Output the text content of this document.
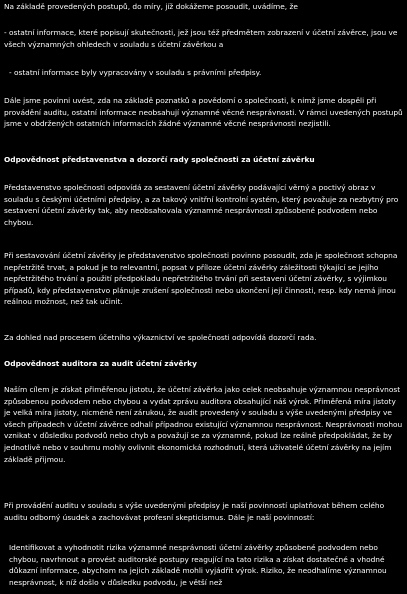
Na základě provedených postupů, do míry, jíž dokážeme posoudit, uvádíme, že

- ostatní informace, které popisují skutečnosti, jež jsou též předmětem zobrazení v účetní závěrce, jsou ve všech významných ohledech v souladu s účetní závěrkou a

- ostatní informace byly vypracovány v souladu s právními předpisy.

Dále jsme povinni uvést, zda na základě poznatků a povědomí o společnosti, k nimž jsme dospěli při provádění auditu, ostatní informace neobsahují významné věcné nesprávnosti. V rámci uvedených postupů jsme v obdržených ostatních informacích žádné významné věcné nesprávnosti nezjistili.

Odpovědnost představenstva a dozorčí rady společnosti za účetní závěrku

Představenstvo společnosti odpovídá za sestavení účetní závěrky podávající věrný a poctivý obraz v souladu s českými účetními předpisy, a za takový vnitřní kontrolní systém, který považuje za nezbytný pro sestavení účetní závěrky tak, aby neobsahovala významné nesprávnosti způsobené podvodem nebo chybou.

Při sestavování účetní závěrky je představenstvo společnosti povinno posoudit, zda je společnost schopna nepřetržitě trvat, a pokud je to relevantní, popsat v příloze účetní závěrky záležitosti týkající se jejího nepřetržitého trvání a použití předpokladu nepřetržitého trvání při sestavení účetní závěrky, s výjimkou případů, kdy představenstvo plánuje zrušení společnosti nebo ukončení její činnosti, resp. kdy nemá jinou reálnou možnost, než tak učinit.

Za dohled nad procesem účetního výkaznictví ve společnosti odpovídá dozorčí rada.

Odpovědnost auditora za audit účetní závěrky

Naším cílem je získat přiměřenou jistotu, že účetní závěrka jako celek neobsahuje významnou nesprávnost způsobenou podvodem nebo chybou a vydat zprávu auditora obsahující náš výrok. Přiměřená míra jistoty je velká míra jistoty, nicméně není zárukou, že audit provedený v souladu s výše uvedenými předpisy ve všech případech v účetní závěrce odhalí případnou existující významnou nesprávnost. Nesprávnosti mohou vznikat v důsledku podvodů nebo chyb a považují se za významné, pokud lze reálně předpokládat, že by jednotlivě nebo v souhrnu mohly ovlivnit ekonomická rozhodnutí, která uživatelé účetní závěrky na jejím základě přijmou.

Při provádění auditu v souladu s výše uvedenými předpisy je naší povinností uplatňovat během celého auditu odborný úsudek a zachovávat profesní skepticismus. Dále je naší povinností:

Identifikovat a vyhodnotit rizika významné nesprávnosti účetní závěrky způsobené podvodem nebo chybou, navrhnout a provést auditorské postupy reagující na tato rizika a získat dostatečné a vhodné důkazní informace, abychom na jejich základě mohli vyjádřit výrok. Riziko, že neodhalíme významnou nesprávnost, k níž došlo v důsledku podvodu, je větší než
